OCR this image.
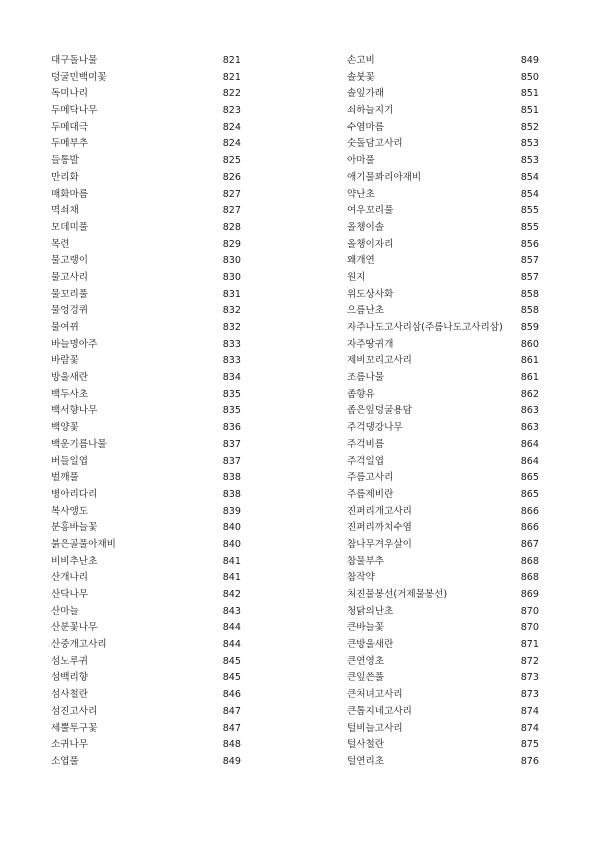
대구돌나물	821
덩굴민백미꽃	821
독미나리	822
두메닥나무	823
두메대극	824
두메부추	824
들통발	825
만리화	826
매화마름	827
멱쇠채	827
모데미풀	828
목련	829
물고랭이	830
물고사리	830
물꼬리풀	831
물엉겅퀴	832
물여뀌	832
바늘명아주	833
바람꽃	833
방울새란	834
백두사초	835
백서향나무	835
백양꽃	836
백운기름나물	837
버들일엽	837
벌깨풀	838
병아리다리	838
복사앵도	839
분홍바늘꽃	840
붉은골풀아재비	840
비비추난초	841
산개나리	841
산닥나무	842
산마늘	843
산분꽃나무	844
산중개고사리	844
섬노루귀	845
섬백리향	845
섬사철란	846
섬진고사리	847
세뿔투구꽃	847
소귀나무	848
소엽풀	849
손고비	849
솔붓꽃	850
솔잎가래	851
쇠하늘지기	851
수염마름	852
숫돌담고사리	853
아마풀	853
애기물꽈리아재비	854
약난초	854
여우꼬리풀	855
올챙이솔	855
올챙이자리	856
왜개연	857
원지	857
위도상사화	858
으름난초	858
자주나도고사리삼(주름나도고사리삼) 859
자주땅귀개	860
제비꼬리고사리	861
조름나물	861
좀향유	862
좁은잎덩굴용담	863
주걱댕강나무	863
주걱비름	864
주걱일엽	864
주름고사리	865
주름제비란	865
진퍼리개고사리	866
진퍼리까치수염	866
참나무겨우살이	867
참물부추	868
참작약	868
처진물봉선(거제물봉선)	869
청닭의난초	870
큰바늘꽃	870
큰방울새란	871
큰연영초	872
큰잎쓴풀	873
큰처녀고사리	873
큰톱지네고사리	874
털비늘고사리	874
털사철란	875
털연리초	876
